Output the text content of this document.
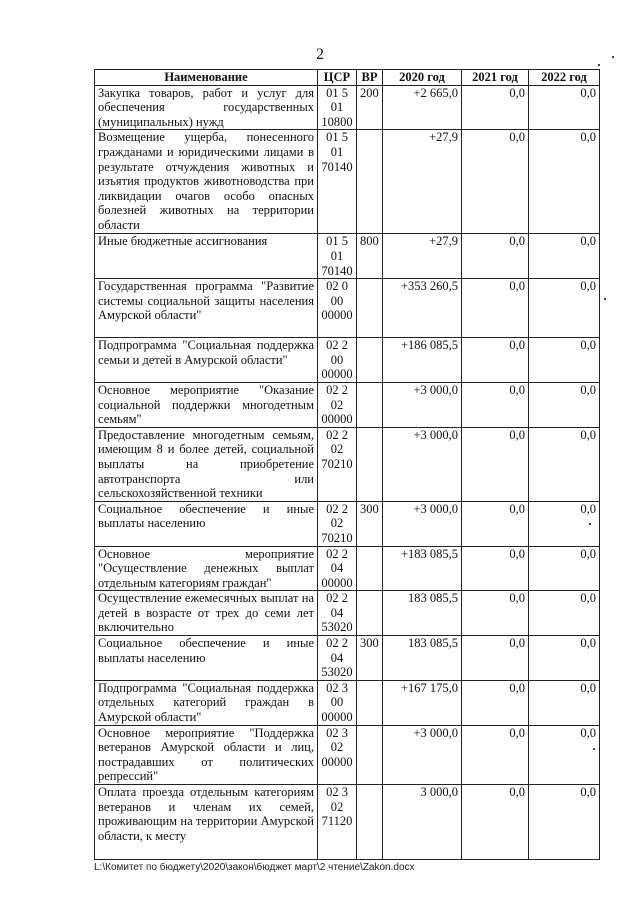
2
Наименование	ЦСР	ВР	2020 год	2021 год	2022 год
Закупка товаров, работ и услуг для обеспечения государственных (муниципальных) нужд	01 5 01 10800	200	+2 665,0	0,0	0,0
Возмещение ущерба, понесенного гражданами и юридическими лицами в результате отчуждения животных и изъятия продуктов животноводства при ликвидации очагов особо опасных болезней животных на территории области	01 5 01 70140		+27,9	0,0	0,0
Иные бюджетные ассигнования	01 5 01 70140	800	+27,9	0,0	0,0
Государственная программа "Развитие системы социальной защиты населения Амурской области"	02 0 00 00000		+353 260,5	0,0	0,0
Подпрограмма "Социальная поддержка семьи и детей в Амурской области"	02 2 00 00000		+186 085,5	0,0	0,0
Основное мероприятие "Оказание социальной поддержки многодетным семьям"	02 2 02 00000		+3 000,0	0,0	0,0
Предоставление многодетным семьям, имеющим 8 и более детей, социальной выплаты на приобретение автотранспорта или сельскохозяйственной техники	02 2 02 70210		+3 000,0	0,0	0,0
Социальное обеспечение и иные выплаты населению	02 2 02 70210	300	+3 000,0	0,0	0,0
Основное мероприятие "Осуществление денежных выплат отдельным категориям граждан"	02 2 04 00000		+183 085,5	0,0	0,0
Осуществление ежемесячных выплат на детей в возрасте от трех до семи лет включительно	02 2 04 53020		183 085,5	0,0	0,0
Социальное обеспечение и иные выплаты населению	02 2 04 53020	300	183 085,5	0,0	0,0
Подпрограмма "Социальная поддержка отдельных категорий граждан в Амурской области"	02 3 00 00000		+167 175,0	0,0	0,0
Основное мероприятие "Поддержка ветеранов Амурской области и лиц, пострадавших от политических репрессий"	02 3 02 00000		+3 000,0	0,0	0,0
Оплата проезда отдельным категориям ветеранов и членам их семей, проживающим на территории Амурской области, к месту	02 3 02 71120		3 000,0	0,0	0,0
L:\Комитет по бюджету\2020\закон\бюджет март\2 чтение\Zakon.docx
